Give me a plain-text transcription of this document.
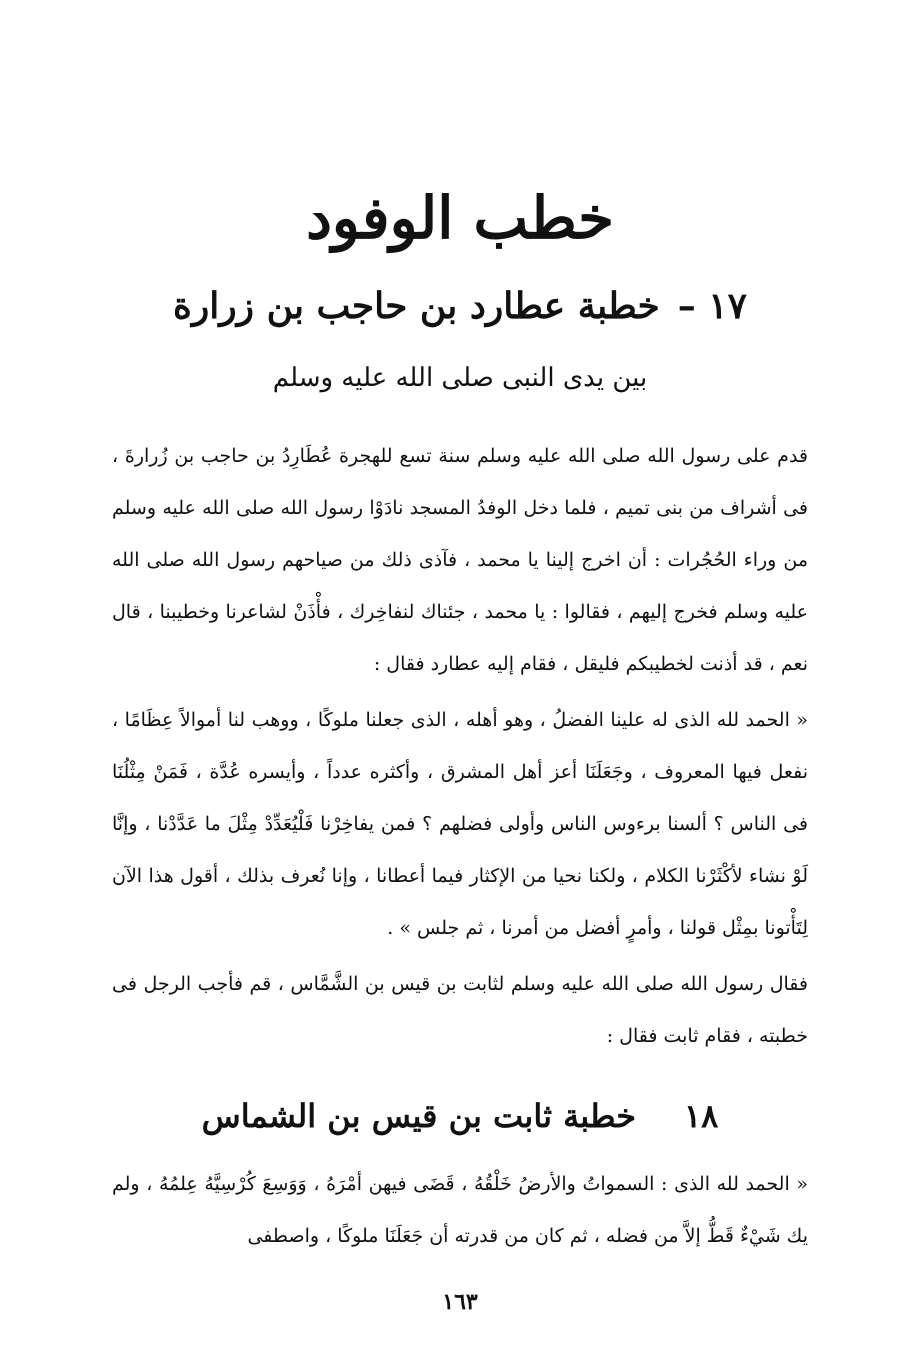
خطب الوفود
١٧ –خطبة عطارد بن حاجب بن زرارة
بين يدى النبى صلى الله عليه وسلم

قدم على رسول الله صلى الله عليه وسلم سنة تسع للهجرة عُطَارِدُ بن حاجب بن زُرارةَ ، فى أشراف من بنى تميم ، فلما دخل الوفدُ المسجد نادَوْا رسول الله صلى الله عليه وسلم من وراء الحُجُرات : أن اخرج إلينا يا محمد ، فآذى ذلك من صياحهم رسول الله صلى الله عليه وسلم فخرج إليهم ، فقالوا : يا محمد ، جئناك لنفاخِرك ، فأْذَنْ لشاعرنا وخطيبنا ، قال نعم ، قد أذنت لخطيبكم فليقل ، فقام إليه عطارد فقال :

« الحمد لله الذى له علينا الفضلُ ، وهو أهله ، الذى جعلنا ملوكًا ، ووهب لنا أموالاً عِظَامًا ، نفعل فيها المعروف ، وجَعَلَنَا أعز أهل المشرق ، وأكثره عدداً ، وأيسره عُدَّة ، فَمَنْ مِثْلُنَا فى الناس ؟ ألسنا برءوس الناس وأولى فضلهم ؟ فمن يفاخِرْنا فَلْيُعَدِّدْ مِثْلَ ما عَدَّدْنا ، وإنَّا لَوْ نشاء لأكْثَرْنا الكلام ، ولكنا نحيا من الإكثار فيما أعطانا ، وإنا نُعرف بذلك ، أقول هذا الآن لِتَأْتونا بمِثْل قولنا ، وأمرٍ أفضل من أمرنا ، ثم جلس » .

فقال رسول الله صلى الله عليه وسلم لثابت بن قيس بن الشَّمَّاس ، قم فأجب الرجل فى خطبته ، فقام ثابت فقال :

١٨خطبة ثابت بن قيس بن الشماس

« الحمد لله الذى : السمواتُ والأرضُ خَلْقُهُ ، قَضَى فيهن أمْرَهُ ، وَوَسِعَ كُرْسِيَّهُ عِلمُهُ ، ولم يك شَيْءٌ قَطُّ إلاَّ من فضله ، ثم كان من قدرته أن جَعَلَنَا ملوكًا ، واصطفى

١٦٣
